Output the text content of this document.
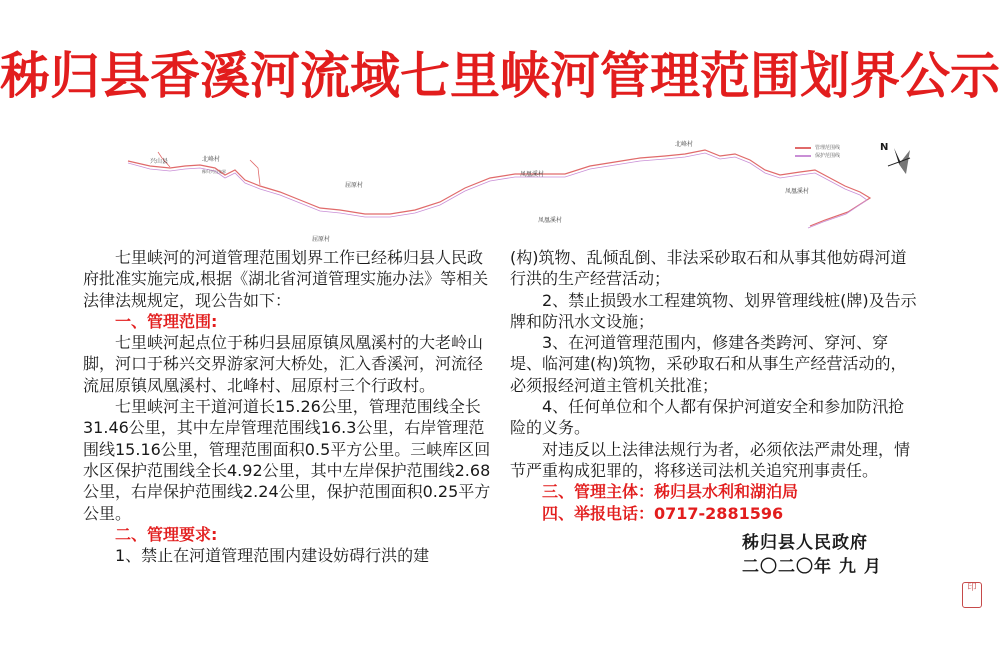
秭归县香溪河流域七里峡河管理范围划界公示
兴山县	北峰村
秭归兴山交界
屈原村
凤凰溪村
北峰村
凤凰溪村
凤凰溪村
屈原村
管理范围线
保护范围线
N

七里峡河的河道管理范围划界工作已经秭归县人民政府批准实施完成,根据《湖北省河道管理实施办法》等相关法律法规规定，现公告如下：

一、管理范围:

七里峡河起点位于秭归县屈原镇凤凰溪村的大老岭山脚，河口于秭兴交界游家河大桥处，汇入香溪河，河流径流屈原镇凤凰溪村、北峰村、屈原村三个行政村。

七里峡河主干道河道长15.26公里，管理范围线全长31.46公里，其中左岸管理范围线16.3公里，右岸管理范围线15.16公里，管理范围面积0.5平方公里。三峡库区回水区保护范围线全长4.92公里，其中左岸保护范围线2.68公里，右岸保护范围线2.24公里，保护范围面积0.25平方公里。

二、管理要求:

1、禁止在河道管理范围内建设妨碍行洪的建

(构)筑物、乱倾乱倒、非法采砂取石和从事其他妨碍河道行洪的生产经营活动；

2、禁止损毁水工程建筑物、划界管理线桩(牌)及告示牌和防汛水文设施；

3、在河道管理范围内，修建各类跨河、穿河、穿堤、临河建(构)筑物，采砂取石和从事生产经营活动的，必须报经河道主管机关批准；

4、任何单位和个人都有保护河道安全和参加防汛抢险的义务。

对违反以上法律法规行为者，必须依法严肃处理，情节严重构成犯罪的，将移送司法机关追究刑事责任。

三、管理主体：秭归县水利和湖泊局

四、举报电话：0717-2881596

秭归县人民政府
二〇二〇年 九 月
印
